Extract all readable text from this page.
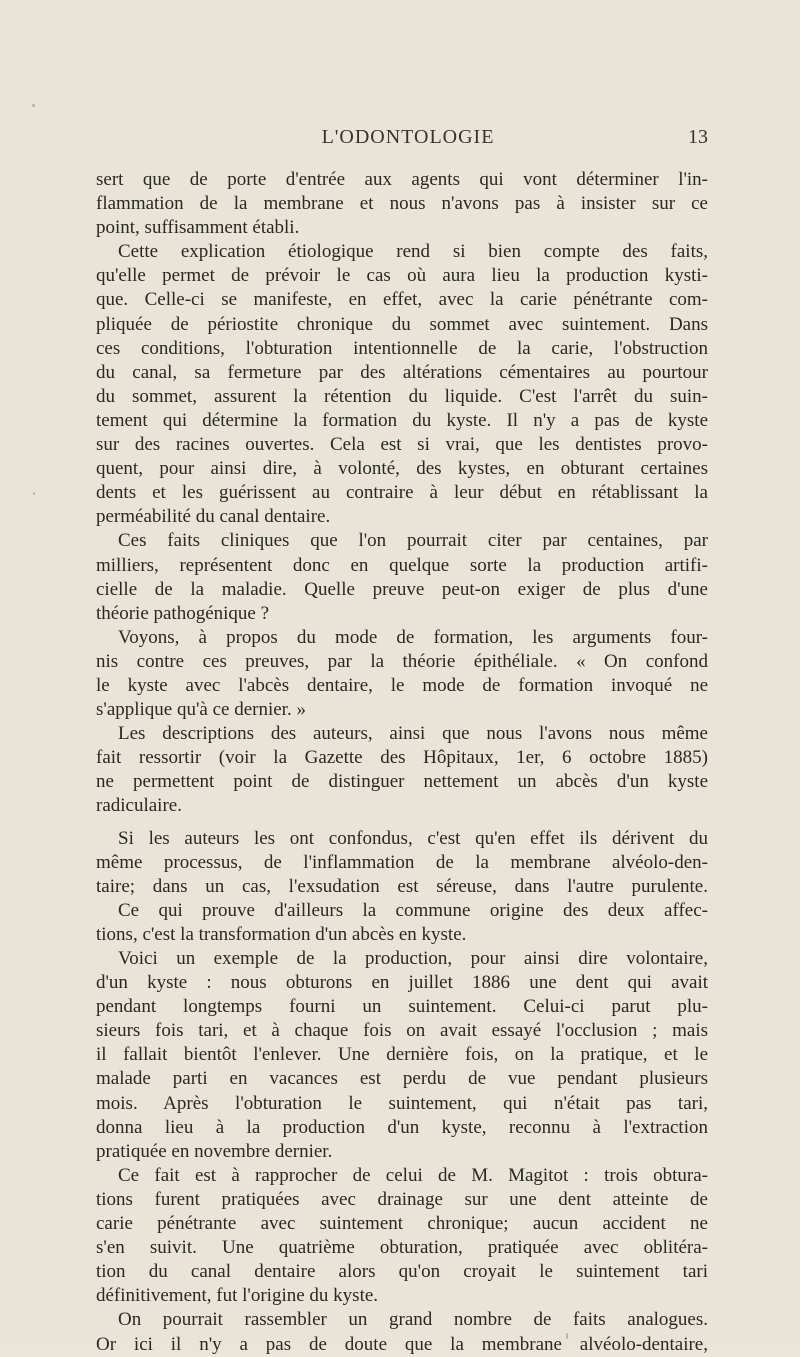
L'ODONTOLOGIE	13
sert que de porte d'entrée aux agents qui vont déterminer l'in-
flammation de la membrane et nous n'avons pas à insister sur ce
point, suffisamment établi.
Cette explication étiologique rend si bien compte des faits,
qu'elle permet de prévoir le cas où aura lieu la production kysti-
que. Celle-ci se manifeste, en effet, avec la carie pénétrante com-
pliquée de périostite chronique du sommet avec suintement. Dans
ces conditions, l'obturation intentionnelle de la carie, l'obstruction
du canal, sa fermeture par des altérations cémentaires au pourtour
du sommet, assurent la rétention du liquide. C'est l'arrêt du suin-
tement qui détermine la formation du kyste. Il n'y a pas de kyste
sur des racines ouvertes. Cela est si vrai, que les dentistes provo-
quent, pour ainsi dire, à volonté, des kystes, en obturant certaines
dents et les guérissent au contraire à leur début en rétablissant la
perméabilité du canal dentaire.
Ces faits cliniques que l'on pourrait citer par centaines, par
milliers, représentent donc en quelque sorte la production artifi-
cielle de la maladie. Quelle preuve peut-on exiger de plus d'une
théorie pathogénique ?
Voyons, à propos du mode de formation, les arguments four-
nis contre ces preuves, par la théorie épithéliale. « On confond
le kyste avec l'abcès dentaire, le mode de formation invoqué ne
s'applique qu'à ce dernier. »
Les descriptions des auteurs, ainsi que nous l'avons nous même
fait ressortir (voir la Gazette des Hôpitaux, 1er, 6 octobre 1885)
ne permettent point de distinguer nettement un abcès d'un kyste
radiculaire.
Si les auteurs les ont confondus, c'est qu'en effet ils dérivent du
même processus, de l'inflammation de la membrane alvéolo-den-
taire; dans un cas, l'exsudation est séreuse, dans l'autre purulente.
Ce qui prouve d'ailleurs la commune origine des deux affec-
tions, c'est la transformation d'un abcès en kyste.
Voici un exemple de la production, pour ainsi dire volontaire,
d'un kyste : nous obturons en juillet 1886 une dent qui avait
pendant longtemps fourni un suintement. Celui-ci parut plu-
sieurs fois tari, et à chaque fois on avait essayé l'occlusion ; mais
il fallait bientôt l'enlever. Une dernière fois, on la pratique, et le
malade parti en vacances est perdu de vue pendant plusieurs
mois. Après l'obturation le suintement, qui n'était pas tari,
donna lieu à la production d'un kyste, reconnu à l'extraction
pratiquée en novembre dernier.
Ce fait est à rapprocher de celui de M. Magitot : trois obtura-
tions furent pratiquées avec drainage sur une dent atteinte de
carie pénétrante avec suintement chronique; aucun accident ne
s'en suivit. Une quatrième obturation, pratiquée avec oblitéra-
tion du canal dentaire alors qu'on croyait le suintement tari
définitivement, fut l'origine du kyste.
On pourrait rassembler un grand nombre de faits analogues.
Or ici il n'y a pas de doute que la membrane alvéolo-dentaire,
